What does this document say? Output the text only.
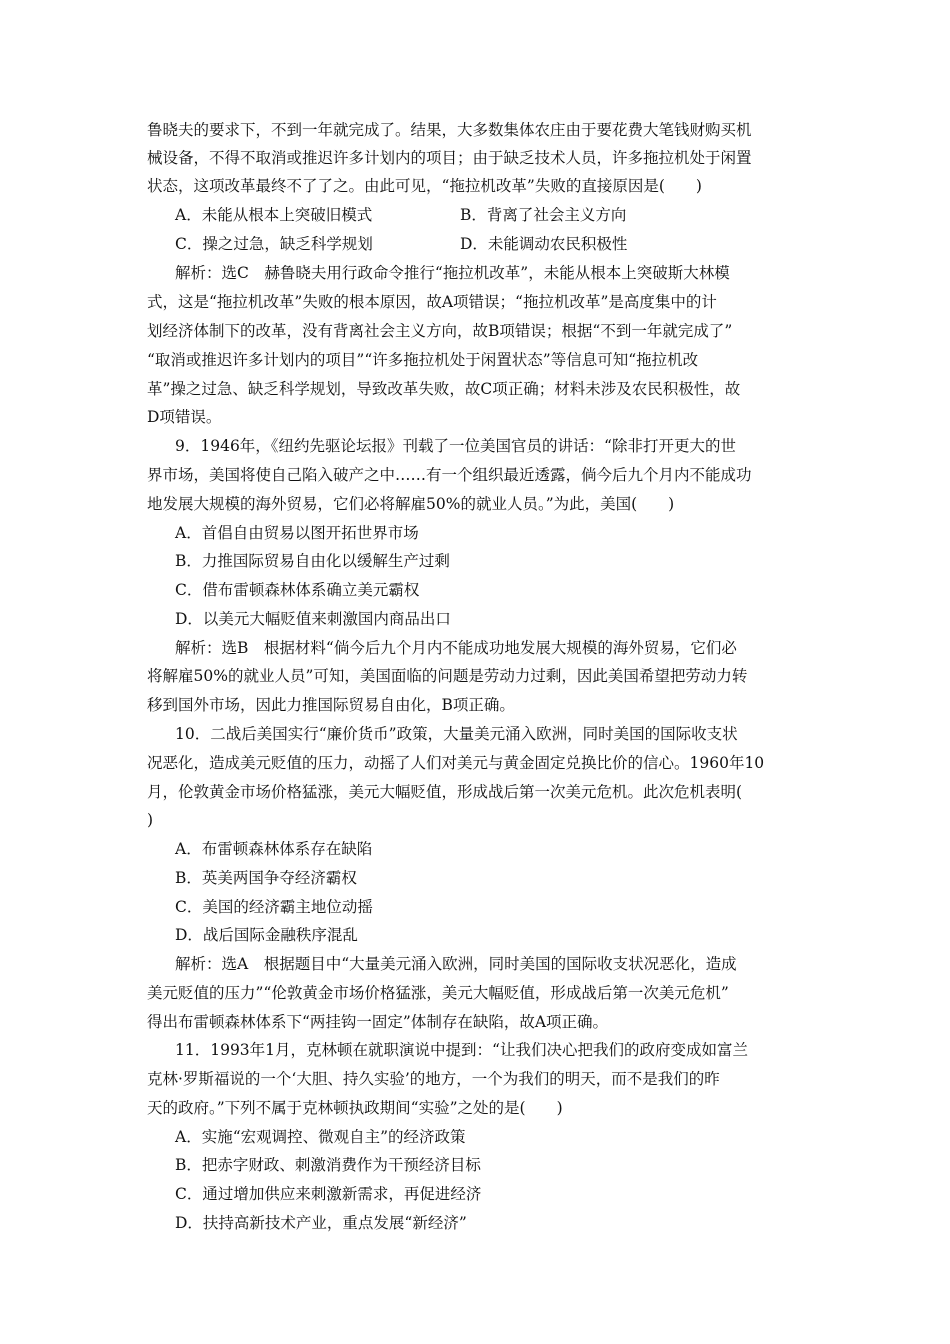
鲁晓夫的要求下，不到一年就完成了。结果，大多数集体农庄由于要花费大笔钱财购买机
械设备，不得不取消或推迟许多计划内的项目；由于缺乏技术人员，许多拖拉机处于闲置
状态，这项改革最终不了了之。由此可见，“拖拉机改革”失败的直接原因是(　　)
A．未能从根本上突破旧模式	B．背离了社会主义方向
C．操之过急，缺乏科学规划	D．未能调动农民积极性
解析：选C　赫鲁晓夫用行政命令推行“拖拉机改革”，未能从根本上突破斯大林模
式，这是“拖拉机改革”失败的根本原因，故A项错误；“拖拉机改革”是高度集中的计
划经济体制下的改革，没有背离社会主义方向，故B项错误；根据“不到一年就完成了”
“取消或推迟许多计划内的项目”“许多拖拉机处于闲置状态”等信息可知“拖拉机改
革”操之过急、缺乏科学规划，导致改革失败，故C项正确；材料未涉及农民积极性，故
D项错误。
9．1946年，《纽约先驱论坛报》刊载了一位美国官员的讲话：“除非打开更大的世
界市场，美国将使自己陷入破产之中……有一个组织最近透露，倘今后九个月内不能成功
地发展大规模的海外贸易，它们必将解雇50%的就业人员。”为此，美国(　　)
A．首倡自由贸易以图开拓世界市场
B．力推国际贸易自由化以缓解生产过剩
C．借布雷顿森林体系确立美元霸权
D．以美元大幅贬值来刺激国内商品出口
解析：选B　根据材料“倘今后九个月内不能成功地发展大规模的海外贸易，它们必
将解雇50%的就业人员”可知，美国面临的问题是劳动力过剩，因此美国希望把劳动力转
移到国外市场，因此力推国际贸易自由化，B项正确。
10．二战后美国实行“廉价货币”政策，大量美元涌入欧洲，同时美国的国际收支状
况恶化，造成美元贬值的压力，动摇了人们对美元与黄金固定兑换比价的信心。1960年10
月，伦敦黄金市场价格猛涨，美元大幅贬值，形成战后第一次美元危机。此次危机表明(
)
A．布雷顿森林体系存在缺陷
B．英美两国争夺经济霸权
C．美国的经济霸主地位动摇
D．战后国际金融秩序混乱
解析：选A　根据题目中“大量美元涌入欧洲，同时美国的国际收支状况恶化，造成
美元贬值的压力”“伦敦黄金市场价格猛涨，美元大幅贬值，形成战后第一次美元危机”
得出布雷顿森林体系下“两挂钩一固定”体制存在缺陷，故A项正确。
11．1993年1月，克林顿在就职演说中提到：“让我们决心把我们的政府变成如富兰
克林·罗斯福说的一个‘大胆、持久实验’的地方，一个为我们的明天，而不是我们的昨
天的政府。”下列不属于克林顿执政期间“实验”之处的是(　　)
A．实施“宏观调控、微观自主”的经济政策
B．把赤字财政、刺激消费作为干预经济目标
C．通过增加供应来刺激新需求，再促进经济
D．扶持高新技术产业，重点发展“新经济”
